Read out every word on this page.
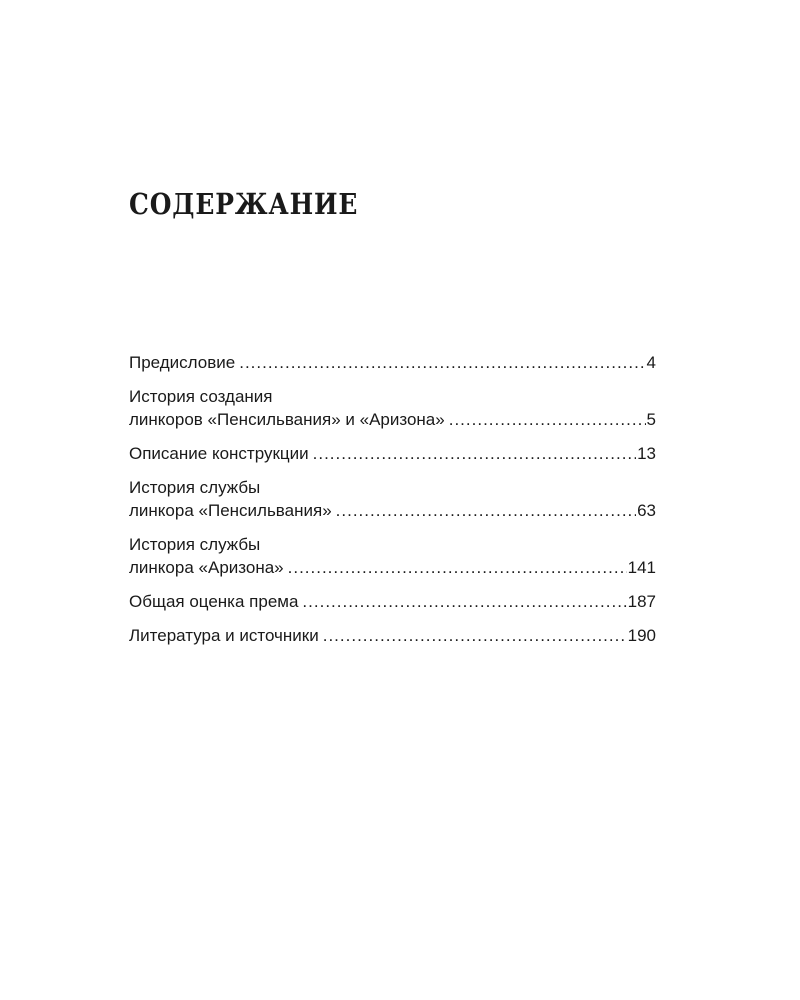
СОДЕРЖАНИЕ
Предисловие .....	4
История создания
линкоров «Пенсильвания» и «Аризона» .....	5
Описание конструкции .....	13
История службы
линкора «Пенсильвания» .....	63
История службы
линкора «Аризона» .....	141
Общая оценка према .....	187
Литература и источники .....	190
